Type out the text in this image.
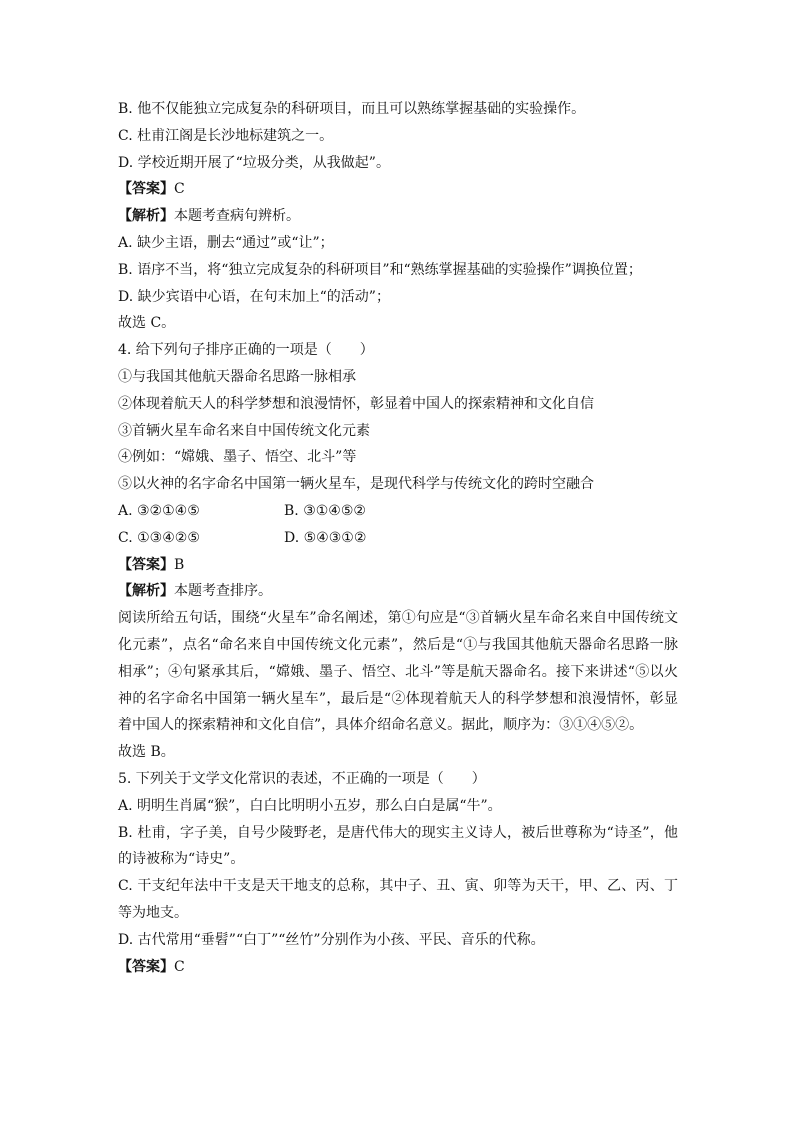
B. 他不仅能独立完成复杂的科研项目，而且可以熟练掌握基础的实验操作。
C. 杜甫江阁是长沙地标建筑之一。
D. 学校近期开展了“垃圾分类，从我做起”。
【答案】C
【解析】本题考查病句辨析。
A. 缺少主语，删去“通过”或“让”；
B. 语序不当，将“独立完成复杂的科研项目”和“熟练掌握基础的实验操作”调换位置；
D. 缺少宾语中心语，在句末加上“的活动”；
故选 C。
4. 给下列句子排序正确的一项是（　　）
①与我国其他航天器命名思路一脉相承
②体现着航天人的科学梦想和浪漫情怀，彰显着中国人的探索精神和文化自信
③首辆火星车命名来自中国传统文化元素
④例如：“嫦娥、墨子、悟空、北斗”等
⑤以火神的名字命名中国第一辆火星车，是现代科学与传统文化的跨时空融合
A. ③②①④⑤	B. ③①④⑤②
C. ①③④②⑤	D. ⑤④③①②
【答案】B
【解析】本题考查排序。
阅读所给五句话，围绕“火星车”命名阐述，第①句应是“③首辆火星车命名来自中国传统文化元素”，点名“命名来自中国传统文化元素”，然后是“①与我国其他航天器命名思路一脉相承”；④句紧承其后，“嫦娥、墨子、悟空、北斗”等是航天器命名。接下来讲述“⑤以火神的名字命名中国第一辆火星车”，最后是“②体现着航天人的科学梦想和浪漫情怀，彰显着中国人的探索精神和文化自信”，具体介绍命名意义。据此，顺序为：③①④⑤②。
故选 B。
5. 下列关于文学文化常识的表述，不正确的一项是（　　）
A. 明明生肖属“猴”，白白比明明小五岁，那么白白是属“牛”。
B. 杜甫，字子美，自号少陵野老，是唐代伟大的现实主义诗人，被后世尊称为“诗圣”，他的诗被称为“诗史”。
C. 干支纪年法中干支是天干地支的总称，其中子、丑、寅、卯等为天干，甲、乙、丙、丁等为地支。
D. 古代常用“垂髫”“白丁”“丝竹”分别作为小孩、平民、音乐的代称。
【答案】C
